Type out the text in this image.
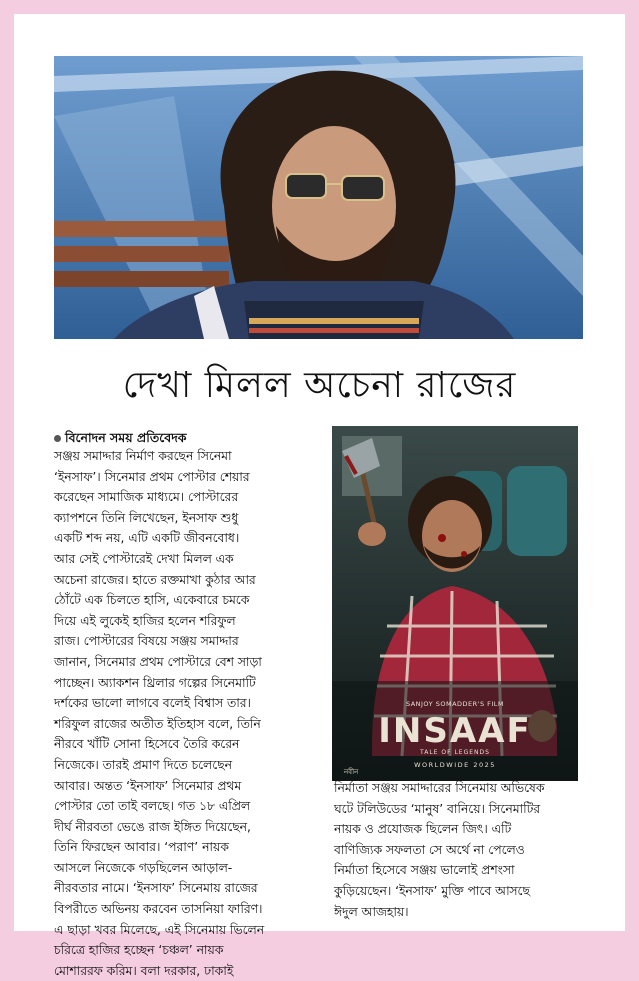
দেখা মিলল অচেনা রাজের
বিনোদন সময় প্রতিবেদক
সঞ্জয় সমাদ্দার নির্মাণ করছেন সিনেমা
‘ইনসাফ’। সিনেমার প্রথম পোস্টার শেয়ার
করেছেন সামাজিক মাধ্যমে। পোস্টারের
ক্যাপশনে তিনি লিখেছেন, ইনসাফ শুধু
একটি শব্দ নয়, এটি একটি জীবনবোধ।
আর সেই পোস্টারেই দেখা মিলল এক
অচেনা রাজের। হাতে রক্তমাখা কুঠার আর
ঠোঁটে এক চিলতে হাসি, একেবারে চমকে
দিয়ে এই লুকেই হাজির হলেন শরিফুল
রাজ। পোস্টারের বিষয়ে সঞ্জয় সমাদ্দার
জানান, সিনেমার প্রথম পোস্টারে বেশ সাড়া
পাচ্ছেন। অ্যাকশন থ্রিলার গল্পের সিনেমাটি
দর্শকের ভালো লাগবে বলেই বিশ্বাস তার।
শরিফুল রাজের অতীত ইতিহাস বলে, তিনি
নীরবে খাঁটি সোনা হিসেবে তৈরি করেন
নিজেকে। তারই প্রমাণ দিতে চলেছেন
আবার। অন্তত ‘ইনসাফ’ সিনেমার প্রথম
পোস্টার তো তাই বলছে। গত ১৮ এপ্রিল
দীর্ঘ নীরবতা ভেঙে রাজ ইঙ্গিত দিয়েছেন,
তিনি ফিরছেন আবার। ‘পরাণ’ নায়ক
আসলে নিজেকে গড়ছিলেন আড়াল-
নীরবতার নামে। ‘ইনসাফ’ সিনেমায় রাজের
বিপরীতে অভিনয় করবেন তাসনিয়া ফারিণ।
এ ছাড়া খবর মিলেছে, এই সিনেমায় ভিলেন
চরিত্রে হাজির হচ্ছেন ‘চঞ্চল’ নায়ক
মোশাররফ করিম। বলা দরকার, ঢাকাই
SANJOY SOMADDER'S FILM
INSAAF
TALE OF LEGENDS
WORLDWIDE 2025
নবীন
নির্মাতা সঞ্জয় সমাদ্দারের সিনেমায় অভিষেক
ঘটে টলিউডের ‘মানুষ’ বানিয়ে। সিনেমাটির
নায়ক ও প্রযোজক ছিলেন জিৎ। এটি
বাণিজ্যিক সফলতা সে অর্থে না পেলেও
নির্মাতা হিসেবে সঞ্জয় ভালোই প্রশংসা
কুড়িয়েছেন। ‘ইনসাফ’ মুক্তি পাবে আসছে
ঈদুল আজহায়।
